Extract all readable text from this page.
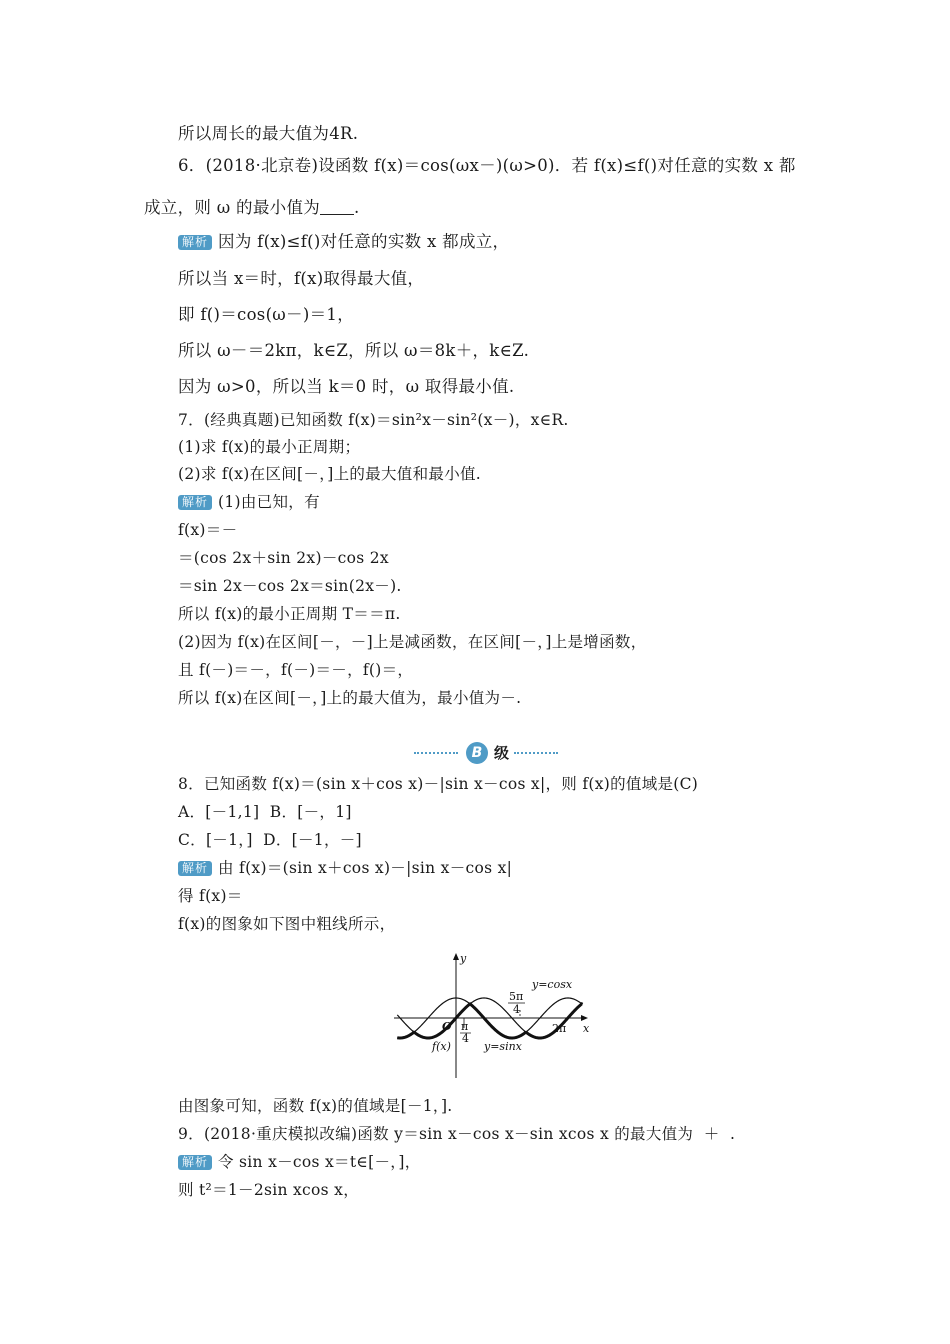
所以周长的最大值为4R.
6．(2018·北京卷)设函数 f(x)＝cos(ωx－)(ω>0)．若 f(x)≤f()对任意的实数 x 都
成立，则 ω 的最小值为 .
解析 因为 f(x)≤f()对任意的实数 x 都成立，
所以当 x＝时，f(x)取得最大值，
即 f()＝cos(ω－)＝1，
所以 ω－＝2kπ，k∈Z，所以 ω＝8k＋，k∈Z.
因为 ω>0，所以当 k＝0 时，ω 取得最小值.
7．(经典真题)已知函数 f(x)＝sin²x－sin²(x－)，x∈R.
(1)求 f(x)的最小正周期；
(2)求 f(x)在区间[－，]上的最大值和最小值.
解析 (1)由已知，有
f(x)＝－
＝(cos 2x＋sin 2x)－cos 2x
＝sin 2x－cos 2x＝sin(2x－).
所以 f(x)的最小正周期 T＝＝π.
(2)因为 f(x)在区间[－，－]上是减函数，在区间[－，]上是增函数，
且 f(－)＝－，f(－)＝－，f()＝，
所以 f(x)在区间[－，]上的最大值为，最小值为－.
B 级
8．已知函数 f(x)＝(sin x＋cos x)－|sin x－cos x|，则 f(x)的值域是(C)
A．[－1,1]  B．[－，1]
C．[－1，]  D．[－1，－]
解析 由 f(x)＝(sin x＋cos x)－|sin x－cos x|
得 f(x)＝
f(x)的图象如下图中粗线所示，
y
x
O
y=cosx
y=sinx
f(x)
5π
4
π
4
2π
由图象可知，函数 f(x)的值域是[－1，].
9．(2018·重庆模拟改编)函数 y＝sin x－cos x－sin xcos x 的最大值为  ＋  .
解析 令 sin x－cos x＝t∈[－，]，
则 t²＝1－2sin xcos x，
